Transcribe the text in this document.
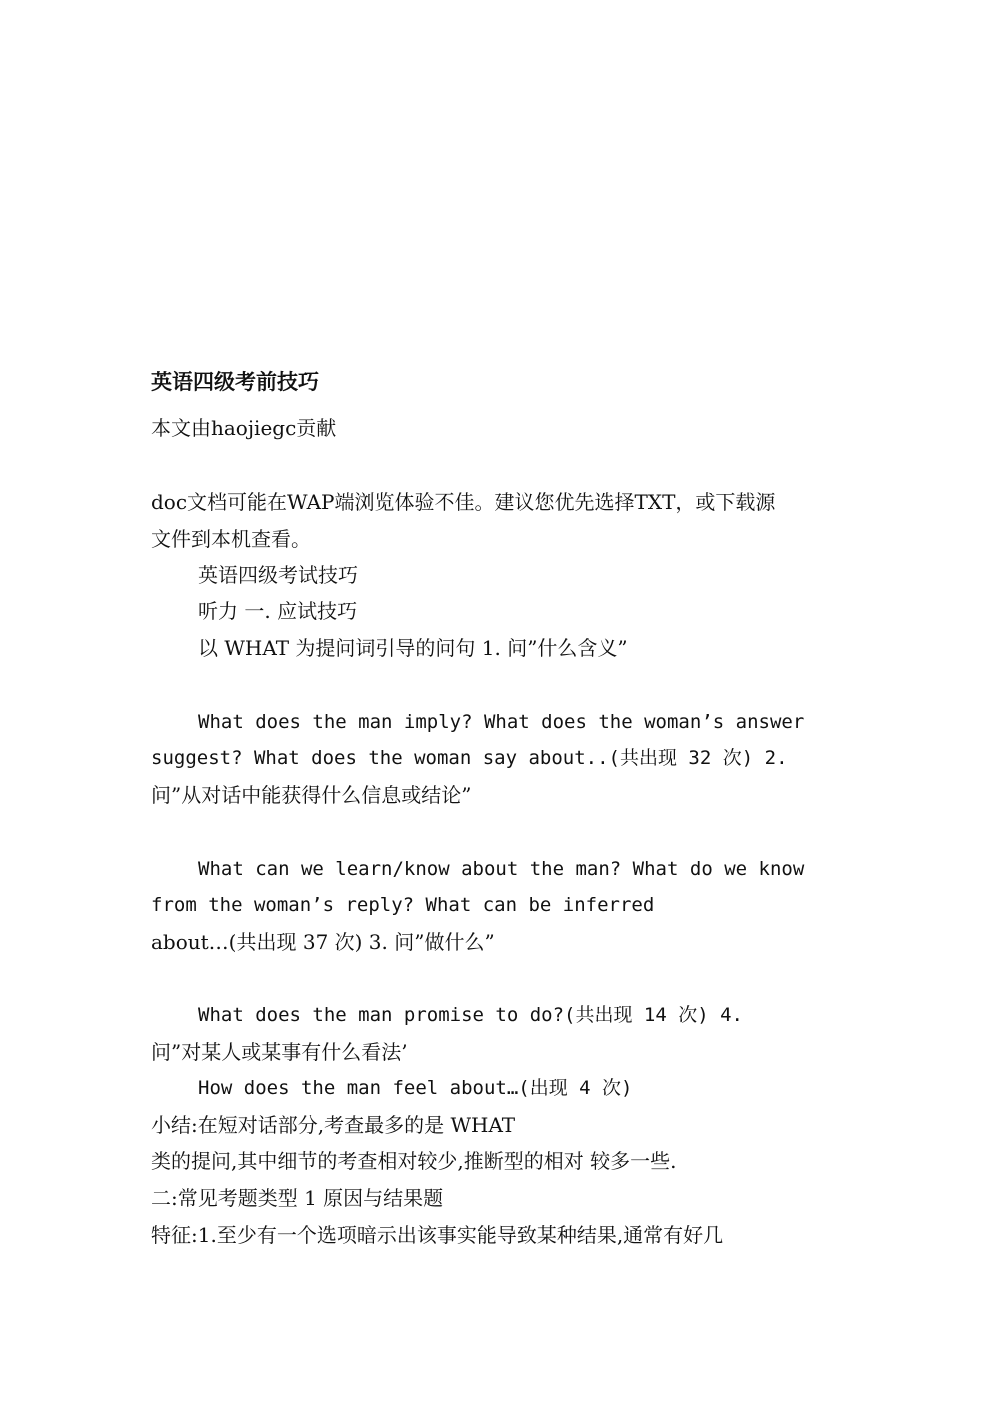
英语四级考前技巧
本文由haojiegc贡献
doc文档可能在WAP端浏览体验不佳。建议您优先选择TXT，或下载源
文件到本机查看。
英语四级考试技巧
听力 一. 应试技巧
以 WHAT 为提问词引导的问句 1. 问”什么含义”
What does the man imply? What does the woman’s answer
suggest? What does the woman say about..(共出现 32 次) 2.
问”从对话中能获得什么信息或结论”
What can we learn/know about the man? What do we know
from the woman’s reply? What can be inferred
about…(共出现 37 次) 3. 问”做什么”
What does the man promise to do?(共出现 14 次) 4.
问”对某人或某事有什么看法’
How does the man feel about…(出现 4 次)
小结:在短对话部分,考查最多的是 WHAT
类的提问,其中细节的考查相对较少,推断型的相对 较多一些.
二:常见考题类型 1 原因与结果题
特征:1.至少有一个选项暗示出该事实能导致某种结果,通常有好几
